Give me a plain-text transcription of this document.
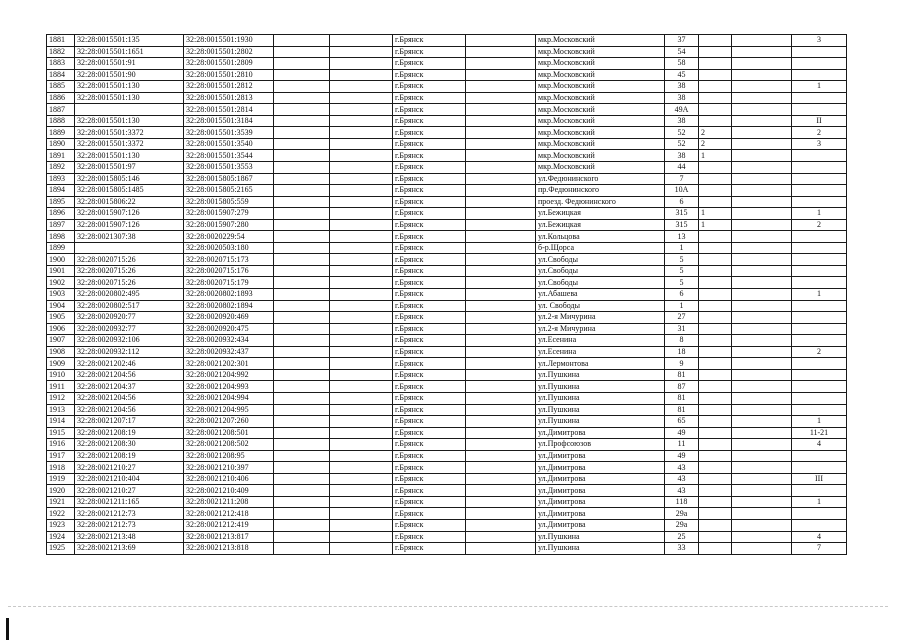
1881	32:28:0015501:135	32:28:0015501:1930			г.Брянск		мкр.Московский	37			3
1882	32:28:0015501:1651	32:28:0015501:2802			г.Брянск		мкр.Московский	54			
1883	32:28:0015501:91	32:28:0015501:2809			г.Брянск		мкр.Московский	58			
1884	32:28:0015501:90	32:28:0015501:2810			г.Брянск		мкр.Московский	45			
1885	32:28:0015501:130	32:28:0015501:2812			г.Брянск		мкр.Московский	38			1
1886	32:28:0015501:130	32:28:0015501:2813			г.Брянск		мкр.Московский	38			
1887		32:28:0015501:2814			г.Брянск		мкр.Московский	49А			
1888	32:28:0015501:130	32:28:0015501:3184			г.Брянск		мкр.Московский	38			II
1889	32:28:0015501:3372	32:28:0015501:3539			г.Брянск		мкр.Московский	52	2		2
1890	32:28:0015501:3372	32:28:0015501:3540			г.Брянск		мкр.Московский	52	2		3
1891	32:28:0015501:130	32:28:0015501:3544			г.Брянск		мкр.Московский	38	1		
1892	32:28:0015501:97	32:28:0015501:3553			г.Брянск		мкр.Московский	44			
1893	32:28:0015805:146	32:28:0015805:1867			г.Брянск		ул.Федюнинского	7			
1894	32:28:0015805:1485	32:28:0015805:2165			г.Брянск		пр.Федюнинского	10А			
1895	32:28:0015806:22	32:28:0015805:559			г.Брянск		проезд. Федюнинского	6			
1896	32:28:0015907:126	32:28:0015907:279			г.Брянск		ул.Бежицкая	315	1		1
1897	32:28:0015907:126	32:28:0015907:280			г.Брянск		ул.Бежицкая	315	1		2
1898	32:28:0021307:38	32:28:0020229:54			г.Брянск		ул.Кольцова	13			
1899		32:28:0020503:180			г.Брянск		б-р.Щорса	1			
1900	32:28:0020715:26	32:28:0020715:173			г.Брянск		ул.Свободы	5			
1901	32:28:0020715:26	32:28:0020715:176			г.Брянск		ул.Свободы	5			
1902	32:28:0020715:26	32:28:0020715:179			г.Брянск		ул.Свободы	5			
1903	32:28:0020802:495	32:28:0020802:1893			г.Брянск		ул.Абашева	6			1
1904	32:28:0020802:517	32:28:0020802:1894			г.Брянск		ул. Свободы	1			
1905	32:28:0020920:77	32:28:0020920:469			г.Брянск		ул.2-я Мичурина	27			
1906	32:28:0020932:77	32:28:0020920:475			г.Брянск		ул.2-я Мичурина	31			
1907	32:28:0020932:106	32:28:0020932:434			г.Брянск		ул.Есенина	8			
1908	32:28:0020932:112	32:28:0020932:437			г.Брянск		ул.Есенина	18			2
1909	32:28:0021202:46	32:28:0021202:301			г.Брянск		ул.Лермонтова	9			
1910	32:28:0021204:56	32:28:0021204:992			г.Брянск		ул.Пушкина	81			
1911	32:28:0021204:37	32:28:0021204:993			г.Брянск		ул.Пушкина	87			
1912	32:28:0021204:56	32:28:0021204:994			г.Брянск		ул.Пушкина	81			
1913	32:28:0021204:56	32:28:0021204:995			г.Брянск		ул.Пушкина	81			
1914	32:28:0021207:17	32:28:0021207:260			г.Брянск		ул.Пушкина	65			1
1915	32:28:0021208:19	32:28:0021208:501			г.Брянск		ул.Димитрова	49			11-21
1916	32:28:0021208:30	32:28:0021208:502			г.Брянск		ул.Профсоюзов	11			4
1917	32:28:0021208:19	32:28:0021208:95			г.Брянск		ул.Димитрова	49			
1918	32:28:0021210:27	32:28:0021210:397			г.Брянск		ул.Димитрова	43			
1919	32:28:0021210:404	32:28:0021210:406			г.Брянск		ул.Димитрова	43			III
1920	32:28:0021210:27	32:28:0021210:409			г.Брянск		ул.Димитрова	43			
1921	32:28:0021211:165	32:28:0021211:208			г.Брянск		ул.Димитрова	118			1
1922	32:28:0021212:73	32:28:0021212:418			г.Брянск		ул.Димитрова	29а			
1923	32:28:0021212:73	32:28:0021212:419			г.Брянск		ул.Димитрова	29а			
1924	32:28:0021213:48	32:28:0021213:817			г.Брянск		ул.Пушкина	25			4
1925	32:28:0021213:69	32:28:0021213:818			г.Брянск		ул.Пушкина	33			7
